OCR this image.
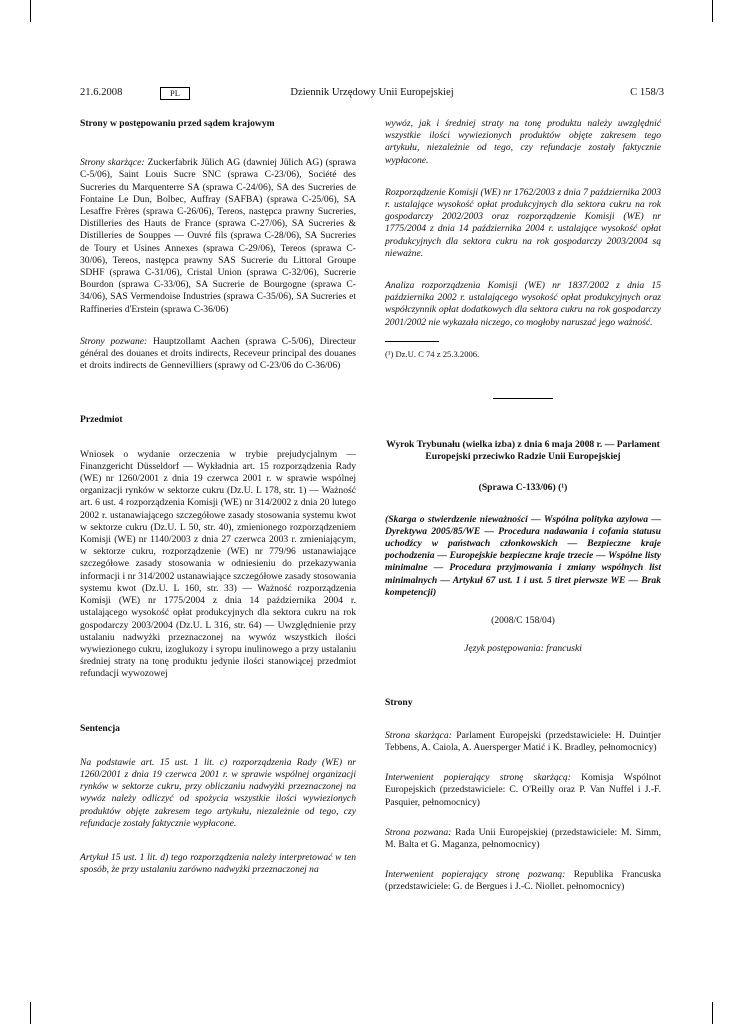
21.6.2008	PL	Dziennik Urzędowy Unii Europejskiej	C 158/3

Strony w postępowaniu przed sądem krajowym

Strony skarżące: Zuckerfabrik Jülich AG (dawniej Jülich AG) (sprawa C-5/06), Saint Louis Sucre SNC (sprawa C-23/06), Société des Sucreries du Marquenterre SA (sprawa C-24/06), SA des Sucreries de Fontaine Le Dun, Bolbec, Auffray (SAFBA) (sprawa C-25/06), SA Lesaffre Frères (sprawa C-26/06), Tereos, następca prawny Sucreries, Distilleries des Hauts de France (sprawa C-27/06), SA Sucreries & Distilleries de Souppes — Ouvré fils (sprawa C-28/06), SA Sucreries de Toury et Usines Annexes (sprawa C-29/06), Tereos (sprawa C-30/06), Tereos, następca prawny SAS Sucrerie du Littoral Groupe SDHF (sprawa C-31/06), Cristal Union (sprawa C-32/06), Sucrerie Bourdon (sprawa C-33/06), SA Sucrerie de Bourgogne (sprawa C-34/06), SAS Vermendoise Industries (sprawa C-35/06), SA Sucreries et Raffineries d'Erstein (sprawa C-36/06)

Strony pozwane: Hauptzollamt Aachen (sprawa C-5/06), Directeur général des douanes et droits indirects, Receveur principal des douanes et droits indirects de Gennevilliers (sprawy od C-23/06 do C-36/06)

Przedmiot

Wniosek o wydanie orzeczenia w trybie prejudycjalnym — Finanzgericht Düsseldorf — Wykładnia art. 15 rozporządzenia Rady (WE) nr 1260/2001 z dnia 19 czerwca 2001 r. w sprawie wspólnej organizacji rynków w sektorze cukru (Dz.U. L 178, str. 1) — Ważność art. 6 ust. 4 rozporządzenia Komisji (WE) nr 314/2002 z dnia 20 lutego 2002 r. ustanawiającego szczegółowe zasady stosowania systemu kwot w sektorze cukru (Dz.U. L 50, str. 40), zmienionego rozporządzeniem Komisji (WE) nr 1140/2003 z dnia 27 czerwca 2003 r. zmieniającym, w sektorze cukru, rozporządzenie (WE) nr 779/96 ustanawiające szczegółowe zasady stosowania w odniesieniu do przekazywania informacji i nr 314/2002 ustanawiające szczegółowe zasady stosowania systemu kwot (Dz.U. L 160, str. 33) — Ważność rozporządzenia Komisji (WE) nr 1775/2004 z dnia 14 października 2004 r. ustalającego wysokość opłat produkcyjnych dla sektora cukru na rok gospodarczy 2003/2004 (Dz.U. L 316, str. 64) — Uwzględnienie przy ustalaniu nadwyżki przeznaczonej na wywóz wszystkich ilości wywiezionego cukru, izoglukozy i syropu inulinowego a przy ustalaniu średniej straty na tonę produktu jedynie ilości stanowiącej przedmiot refundacji wywozowej

Sentencja

Na podstawie art. 15 ust. 1 lit. c) rozporządzenia Rady (WE) nr 1260/2001 z dnia 19 czerwca 2001 r. w sprawie wspólnej organizacji rynków w sektorze cukru, przy obliczaniu nadwyżki przeznaczonej na wywóz należy odliczyć od spożycia wszystkie ilości wywiezionych produktów objęte zakresem tego artykułu, niezależnie od tego, czy refundacje zostały faktycznie wypłacone.

Artykuł 15 ust. 1 lit. d) tego rozporządzenia należy interpretować w ten sposób, że przy ustalaniu zarówno nadwyżki przeznaczonej na

wywóz, jak i średniej straty na tonę produktu należy uwzględnić wszystkie ilości wywiezionych produktów objęte zakresem tego artykułu, niezależnie od tego, czy refundacje zostały faktycznie wypłacone.

Rozporządzenie Komisji (WE) nr 1762/2003 z dnia 7 października 2003 r. ustalające wysokość opłat produkcyjnych dla sektora cukru na rok gospodarczy 2002/2003 oraz rozporządzenie Komisji (WE) nr 1775/2004 z dnia 14 października 2004 r. ustalające wysokość opłat produkcyjnych dla sektora cukru na rok gospodarczy 2003/2004 są nieważne.

Analiza rozporządzenia Komisji (WE) nr 1837/2002 z dnia 15 października 2002 r. ustalającego wysokość opłat produkcyjnych oraz współczynnik opłat dodatkowych dla sektora cukru na rok gospodarczy 2001/2002 nie wykazała niczego, co mogłoby naruszać jego ważność.

(¹) Dz.U. C 74 z 25.3.2006.

Wyrok Trybunału (wielka izba) z dnia 6 maja 2008 r. — Parlament Europejski przeciwko Radzie Unii Europejskiej

(Sprawa C-133/06) (¹)

(Skarga o stwierdzenie nieważności — Wspólna polityka azylowa — Dyrektywa 2005/85/WE — Procedura nadawania i cofania statusu uchodźcy w państwach członkowskich — Bezpieczne kraje pochodzenia — Europejskie bezpieczne kraje trzecie — Wspólne listy minimalne — Procedura przyjmowania i zmiany wspólnych list minimalnych — Artykuł 67 ust. 1 i ust. 5 tiret pierwsze WE — Brak kompetencji)

(2008/C 158/04)

Język postępowania: francuski

Strony

Strona skarżąca: Parlament Europejski (przedstawiciele: H. Duintjer Tebbens, A. Caiola, A. Auersperger Matić i K. Bradley, pełnomocnicy)

Interwenient popierający stronę skarżącą: Komisja Wspólnot Europejskich (przedstawiciele: C. O'Reilly oraz P. Van Nuffel i J.-F. Pasquier, pełnomocnicy)

Strona pozwana: Rada Unii Europejskiej (przedstawiciele: M. Simm, M. Balta et G. Maganza, pełnomocnicy)

Interwenient popierający stronę pozwaną: Republika Francuska (przedstawiciele: G. de Bergues i J.-C. Niollet. pełnomocnicy)
